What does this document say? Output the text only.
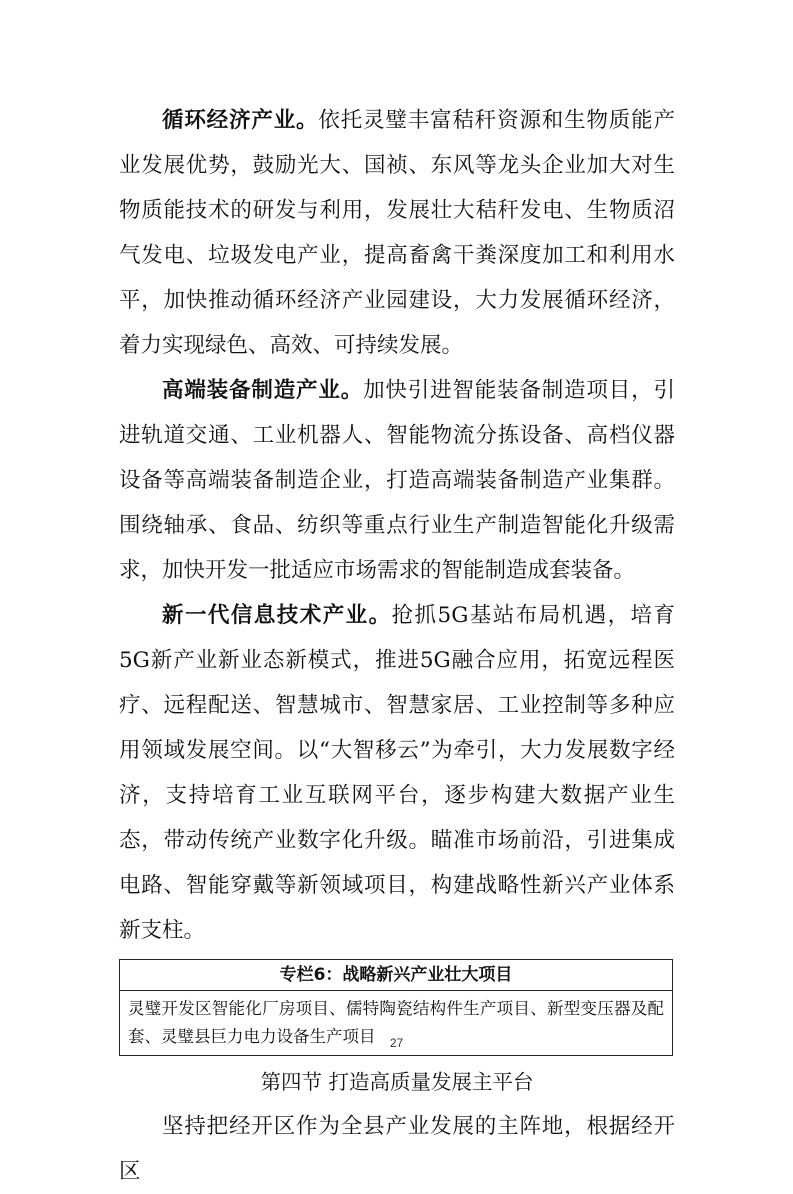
循环经济产业。依托灵璧丰富秸秆资源和生物质能产业发展优势，鼓励光大、国祯、东风等龙头企业加大对生物质能技术的研发与利用，发展壮大秸秆发电、生物质沼气发电、垃圾发电产业，提高畜禽干粪深度加工和利用水平，加快推动循环经济产业园建设，大力发展循环经济，着力实现绿色、高效、可持续发展。

高端装备制造产业。加快引进智能装备制造项目，引进轨道交通、工业机器人、智能物流分拣设备、高档仪器设备等高端装备制造企业，打造高端装备制造产业集群。围绕轴承、食品、纺织等重点行业生产制造智能化升级需求，加快开发一批适应市场需求的智能制造成套装备。

新一代信息技术产业。抢抓5G基站布局机遇，培育5G新产业新业态新模式，推进5G融合应用，拓宽远程医疗、远程配送、智慧城市、智慧家居、工业控制等多种应用领域发展空间。以“大智移云”为牵引，大力发展数字经济，支持培育工业互联网平台，逐步构建大数据产业生态，带动传统产业数字化升级。瞄准市场前沿，引进集成电路、智能穿戴等新领域项目，构建战略性新兴产业体系新支柱。

专栏6：战略新兴产业壮大项目
灵璧开发区智能化厂房项目、儒特陶瓷结构件生产项目、新型变压器及配套、灵璧县巨力电力设备生产项目
第四节 打造高质量发展主平台

坚持把经开区作为全县产业发展的主阵地，根据经开区

27
